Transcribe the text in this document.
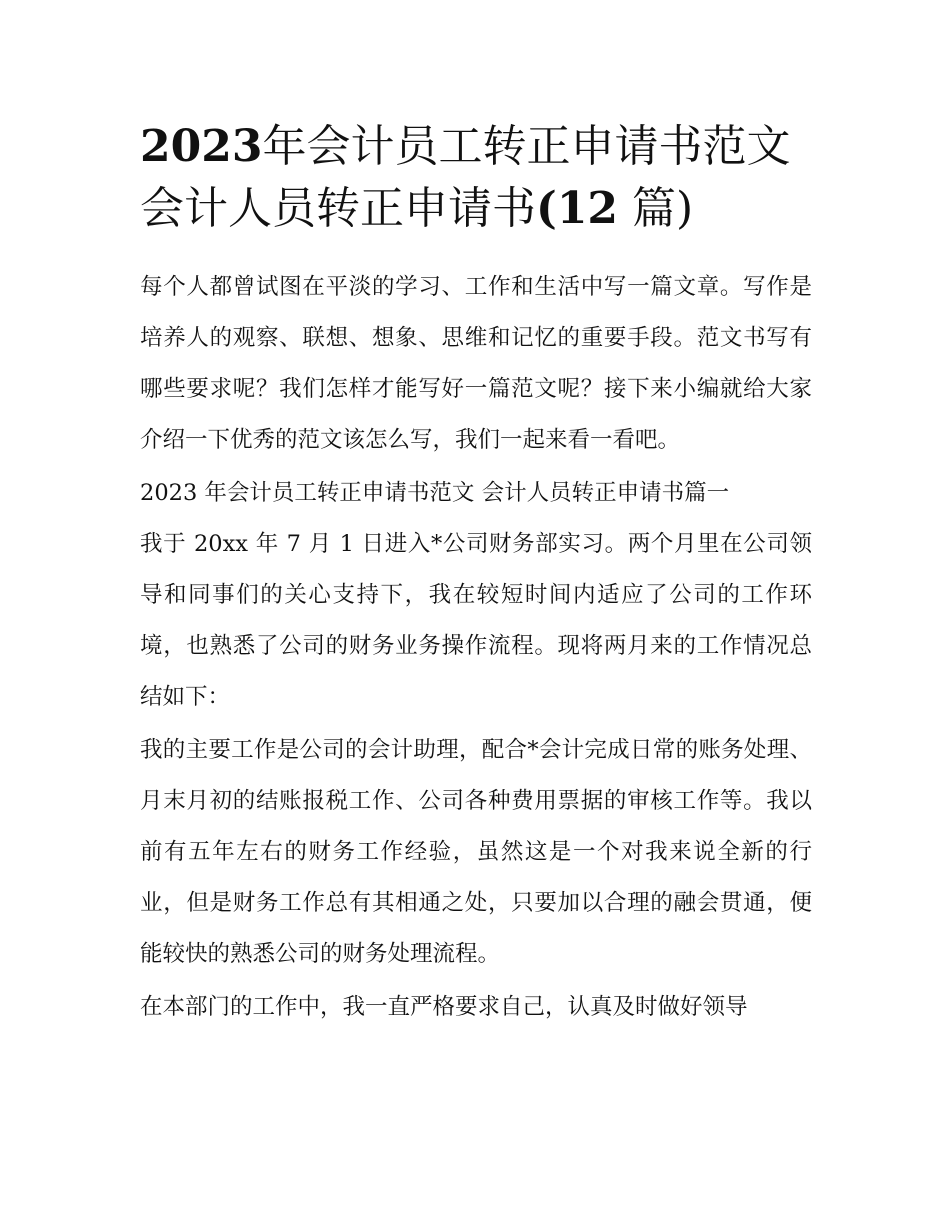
2023年会计员工转正申请书范文 会计人员转正申请书(12 篇)

每个人都曾试图在平淡的学习、工作和生活中写一篇文章。写作是培养人的观察、联想、想象、思维和记忆的重要手段。范文书写有哪些要求呢？我们怎样才能写好一篇范文呢？接下来小编就给大家介绍一下优秀的范文该怎么写，我们一起来看一看吧。

2023 年会计员工转正申请书范文 会计人员转正申请书篇一

我于 20xx 年 7 月 1 日进入*公司财务部实习。两个月里在公司领导和同事们的关心支持下，我在较短时间内适应了公司的工作环境，也熟悉了公司的财务业务操作流程。现将两月来的工作情况总结如下：

我的主要工作是公司的会计助理，配合*会计完成日常的账务处理、月末月初的结账报税工作、公司各种费用票据的审核工作等。我以前有五年左右的财务工作经验，虽然这是一个对我来说全新的行业，但是财务工作总有其相通之处，只要加以合理的融会贯通，便能较快的熟悉公司的财务处理流程。

在本部门的工作中，我一直严格要求自己，认真及时做好领导
